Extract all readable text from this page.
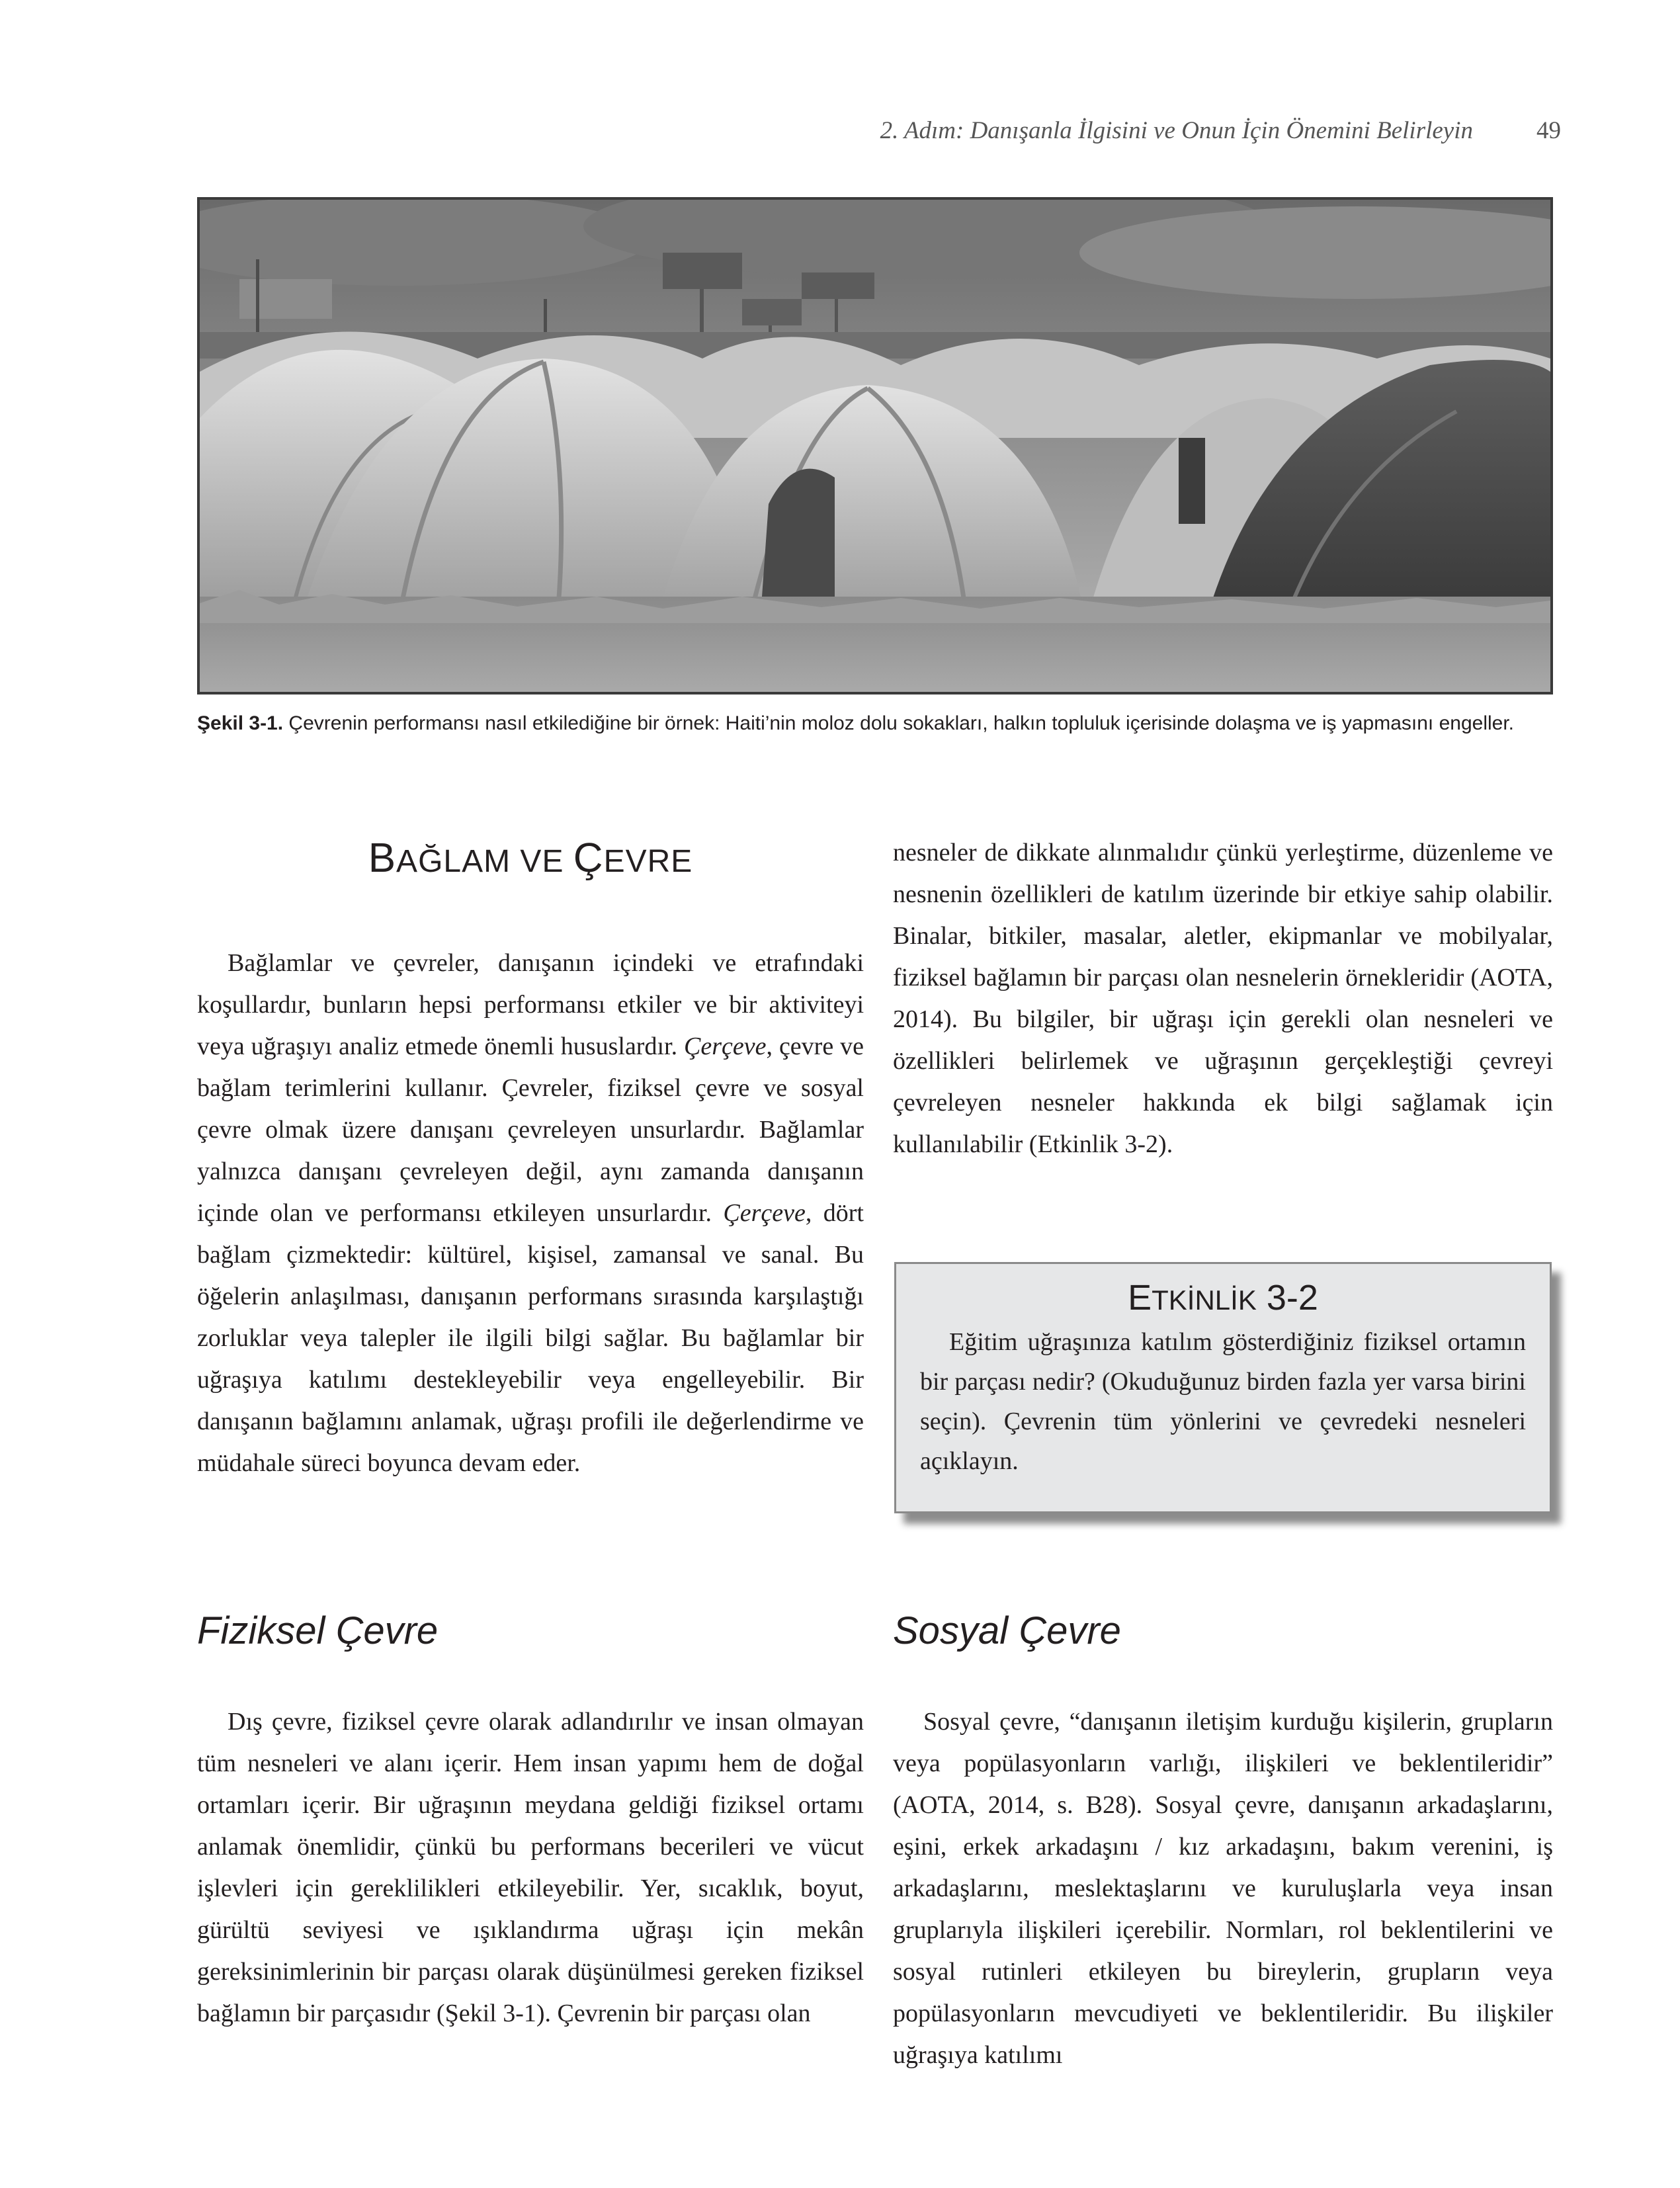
2. Adım: Danışanla İlgisini ve Onun İçin Önemini Belirleyin	49
Şekil 3-1. Çevrenin performansı nasıl etkilediğine bir örnek: Haiti’nin moloz dolu sokakları, halkın topluluk içerisinde dolaşma ve iş yapmasını engeller.
BAĞLAM VE ÇEVRE

Bağlamlar ve çevreler, danışanın içindeki ve etrafındaki koşullardır, bunların hepsi performansı etkiler ve bir aktiviteyi veya uğraşıyı analiz etmede önemli hususlardır. Çerçeve, çevre ve bağlam terimlerini kullanır. Çevreler, fiziksel çevre ve sosyal çevre olmak üzere danışanı çevreleyen unsurlardır. Bağlamlar yalnızca danışanı çevreleyen değil, aynı zamanda danışanın içinde olan ve performansı etkileyen unsurlardır. Çerçeve, dört bağlam çizmektedir: kültürel, kişisel, zamansal ve sanal. Bu öğelerin anlaşılması, danışanın performans sırasında karşılaştığı zorluklar veya talepler ile ilgili bilgi sağlar. Bu bağlamlar bir uğraşıya katılımı destekleyebilir veya engelleyebilir. Bir danışanın bağlamını anlamak, uğraşı profili ile değerlendirme ve müdahale süreci boyunca devam eder.

Fiziksel Çevre

Dış çevre, fiziksel çevre olarak adlandırılır ve insan olmayan tüm nesneleri ve alanı içerir. Hem insan yapımı hem de doğal ortamları içerir. Bir uğraşının meydana geldiği fiziksel ortamı anlamak önemlidir, çünkü bu performans becerileri ve vücut işlevleri için gereklilikleri etkileyebilir. Yer, sıcaklık, boyut, gürültü seviyesi ve ışıklandırma uğraşı için mekân gereksinimlerinin bir parçası olarak düşünülmesi gereken fiziksel bağlamın bir parçasıdır (Şekil 3-1). Çevrenin bir parçası olan

nesneler de dikkate alınmalıdır çünkü yerleştirme, düzenleme ve nesnenin özellikleri de katılım üzerinde bir etkiye sahip olabilir. Binalar, bitkiler, masalar, aletler, ekipmanlar ve mobilyalar, fiziksel bağlamın bir parçası olan nesnelerin örnekleridir (AOTA, 2014). Bu bilgiler, bir uğraşı için gerekli olan nesneleri ve özellikleri belirlemek ve uğraşının gerçekleştiği çevreyi çevreleyen nesneler hakkında ek bilgi sağlamak için kullanılabilir (Etkinlik 3-2).

ETKİNLİK 3-2

Eğitim uğraşınıza katılım gösterdiğiniz fiziksel ortamın bir parçası nedir? (Okuduğunuz birden fazla yer varsa birini seçin). Çevrenin tüm yönlerini ve çevredeki nesneleri açıklayın.

Sosyal Çevre

Sosyal çevre, “danışanın iletişim kurduğu kişilerin, grupların veya popülasyonların varlığı, ilişkileri ve beklentileridir” (AOTA, 2014, s. B28). Sosyal çevre, danışanın arkadaşlarını, eşini, erkek arkadaşını / kız arkadaşını, bakım verenini, iş arkadaşlarını, meslektaşlarını ve kuruluşlarla veya insan gruplarıyla ilişkileri içerebilir. Normları, rol beklentilerini ve sosyal rutinleri etkileyen bu bireylerin, grupların veya popülasyonların mevcudiyeti ve beklentileridir. Bu ilişkiler uğraşıya katılımı
